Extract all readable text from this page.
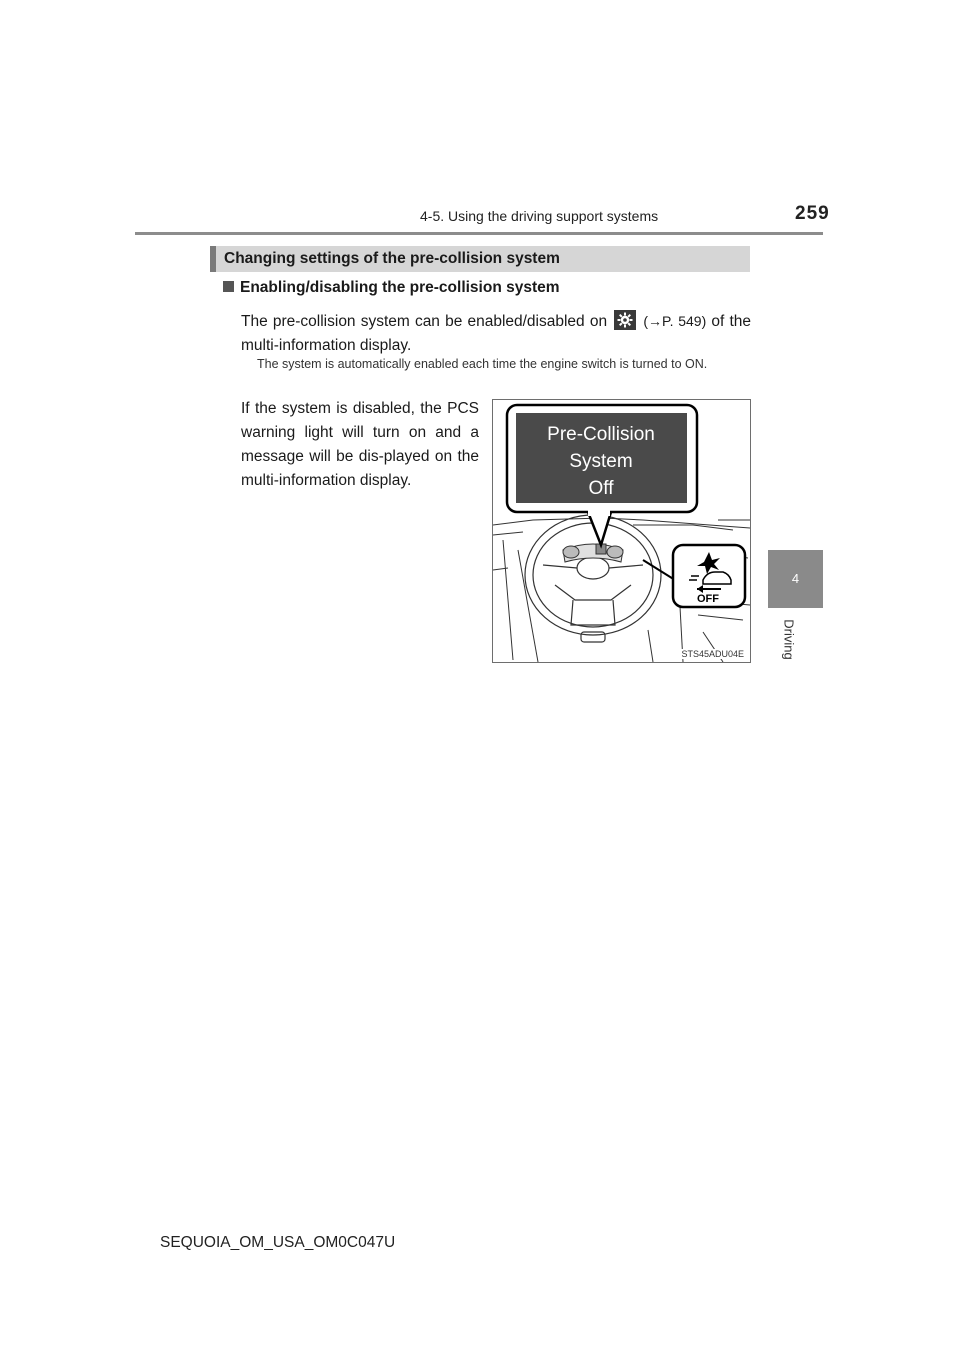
4-5. Using the driving support systems	259
4
Driving
Changing settings of the pre-collision system
Enabling/disabling the pre-collision system
The pre-collision system can be enabled/disabled on	(→P. 549) of the multi-information display.
The system is automatically enabled each time the engine switch is turned to ON.
If the system is disabled, the PCS warning light will turn on and a message will be dis-played on the multi-information display.
Pre-Collision
System
Off
OFF
STS45ADU04E
SEQUOIA_OM_USA_OM0C047U
